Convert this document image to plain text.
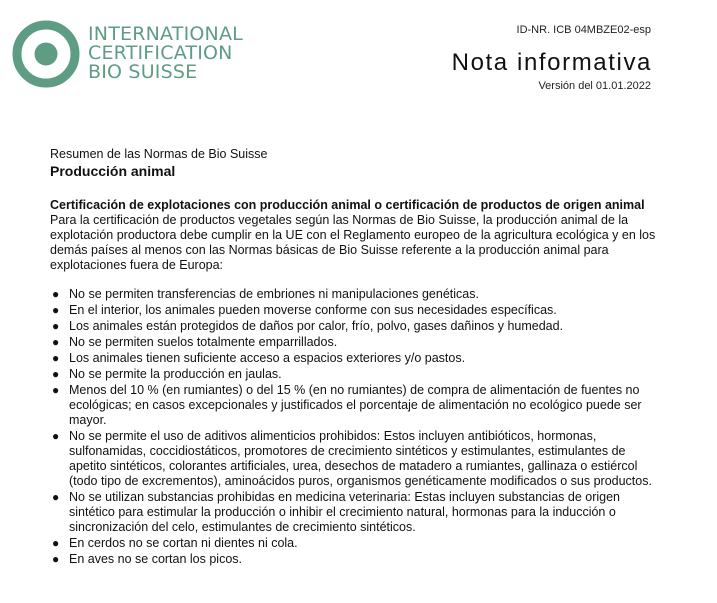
INTERNATIONAL
CERTIFICATION
BIO SUISSE
ID-NR. ICB 04MBZE02-esp
Nota informativa
Versión del 01.01.2022
Resumen de las Normas de Bio Suisse
Producción animal

Certificación de explotaciones con producción animal o certificación de productos de origen animal

Para la certificación de productos vegetales según las Normas de Bio Suisse, la producción animal de la explotación productora debe cumplir en la UE con el Reglamento europeo de la agricultura ecológica y en los demás países al menos con las Normas básicas de Bio Suisse referente a la producción animal para explotaciones fuera de Europa:

● No se permiten transferencias de embriones ni manipulaciones genéticas.
● En el interior, los animales pueden moverse conforme con sus necesidades específicas.
● Los animales están protegidos de daños por calor, frío, polvo, gases dañinos y humedad.
● No se permiten suelos totalmente emparrillados.
● Los animales tienen suficiente acceso a espacios exteriores y/o pastos.
● No se permite la producción en jaulas.
● Menos del 10 % (en rumiantes) o del 15 % (en no rumiantes) de compra de alimentación de fuentes no ecológicas; en casos excepcionales y justificados el porcentaje de alimentación no ecológico puede ser mayor.
● No se permite el uso de aditivos alimenticios prohibidos: Estos incluyen antibióticos, hormonas, sulfonamidas, coccidiostáticos, promotores de crecimiento sintéticos y estimulantes, estimulantes de apetito sintéticos, colorantes artificiales, urea, desechos de matadero a rumiantes, gallinaza o estiércol (todo tipo de excrementos), aminoácidos puros, organismos genéticamente modificados o sus productos.
● No se utilizan substancias prohibidas en medicina veterinaria: Estas incluyen substancias de origen sintético para estimular la producción o inhibir el crecimiento natural, hormonas para la inducción o sincronización del celo, estimulantes de crecimiento sintéticos.
● En cerdos no se cortan ni dientes ni cola.
● En aves no se cortan los picos.
